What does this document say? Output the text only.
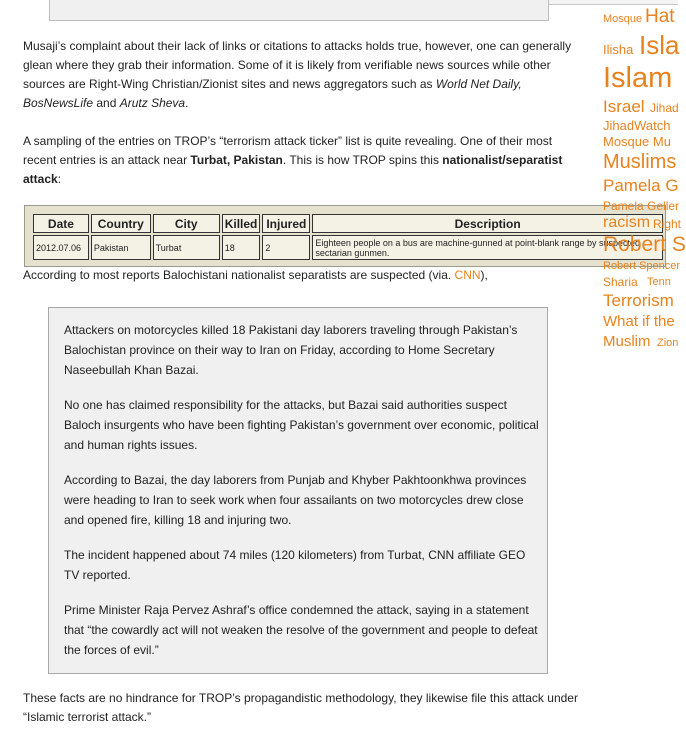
Musaji’s complaint about their lack of links or citations to attacks holds true, however, one can generally glean where they grab their information. Some of it is likely from verifiable news sources while other sources are Right-Wing Christian/Zionist sites and news aggregators such as World Net Daily, BosNewsLife and Arutz Sheva.

A sampling of the entries on TROP’s “terrorism attack ticker” list is quite revealing. One of their most recent entries is an attack near Turbat, Pakistan. This is how TROP spins this nationalist/separatist attack:

According to most reports Balochistani nationalist separatists are suspected (via. CNN),

Attackers on motorcycles killed 18 Pakistani day laborers traveling through Pakistan’s Balochistan province on their way to Iran on Friday, according to Home Secretary Naseebullah Khan Bazai.

No one has claimed responsibility for the attacks, but Bazai said authorities suspect Baloch insurgents who have been fighting Pakistan’s government over economic, political and human rights issues.

According to Bazai, the day laborers from Punjab and Khyber Pakhtoonkhwa provinces were heading to Iran to seek work when four assailants on two motorcycles drew close and opened fire, killing 18 and injuring two.

The incident happened about 74 miles (120 kilometers) from Turbat, CNN affiliate GEO TV reported.

Prime Minister Raja Pervez Ashraf’s office condemned the attack, saying in a statement that “the cowardly act will not weaken the resolve of the government and people to defeat the forces of evil.”

These facts are no hindrance for TROP’s propagandistic methodology, they likewise file this attack under “Islamic terrorist attack.”

Date	Country	City	Killed	Injured	Description
2012.07.06	Pakistan	Turbat	18	2	Eighteen people on a bus are machine-gunned at point-blank range by suspected sectarian gunmen.
Mosque Hat
Ilisha Isla
Islam
Israel Jihad
JihadWatch
Mosque Mu
Muslims
Pamela G
Pamela Geller
racism Right
Robert S
Robert Spencer
Sharia Tenn
Terrorism
What if the
Muslim Zion
